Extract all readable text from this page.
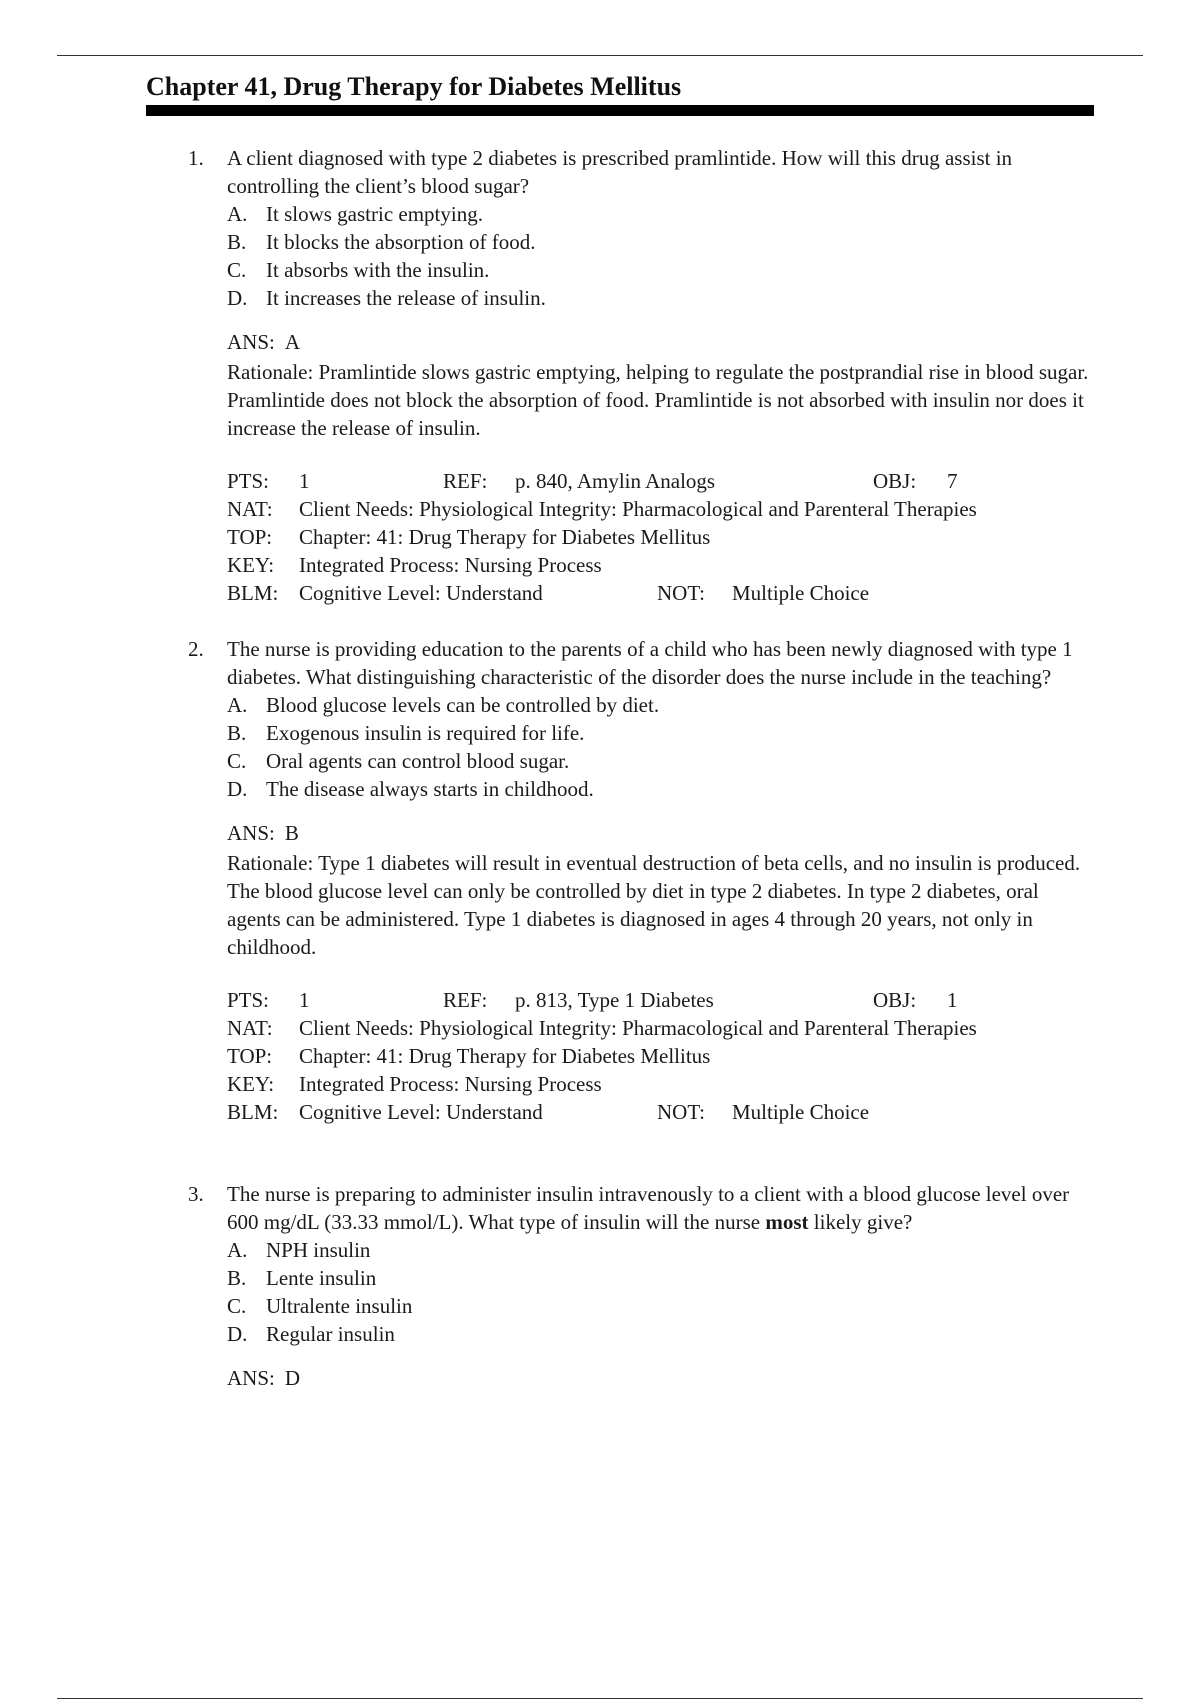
Chapter 41, Drug Therapy for Diabetes Mellitus
1. A client diagnosed with type 2 diabetes is prescribed pramlintide. How will this drug assist in controlling the client’s blood sugar?
A. It slows gastric emptying.
B. It blocks the absorption of food.
C. It absorbs with the insulin.
D. It increases the release of insulin.
ANS: A
Rationale: Pramlintide slows gastric emptying, helping to regulate the postprandial rise in blood sugar. Pramlintide does not block the absorption of food. Pramlintide is not absorbed with insulin nor does it increase the release of insulin.
PTS: 1	REF: p. 840, Amylin Analogs	OBJ: 7
NAT: Client Needs: Physiological Integrity: Pharmacological and Parenteral Therapies
TOP: Chapter: 41: Drug Therapy for Diabetes Mellitus
KEY: Integrated Process: Nursing Process
BLM: Cognitive Level: Understand	NOT: Multiple Choice
2. The nurse is providing education to the parents of a child who has been newly diagnosed with type 1 diabetes. What distinguishing characteristic of the disorder does the nurse include in the teaching?
A. Blood glucose levels can be controlled by diet.
B. Exogenous insulin is required for life.
C. Oral agents can control blood sugar.
D. The disease always starts in childhood.
ANS: B
Rationale: Type 1 diabetes will result in eventual destruction of beta cells, and no insulin is produced. The blood glucose level can only be controlled by diet in type 2 diabetes. In type 2 diabetes, oral agents can be administered. Type 1 diabetes is diagnosed in ages 4 through 20 years, not only in childhood.
PTS: 1	REF: p. 813, Type 1 Diabetes	OBJ: 1
NAT: Client Needs: Physiological Integrity: Pharmacological and Parenteral Therapies
TOP: Chapter: 41: Drug Therapy for Diabetes Mellitus
KEY: Integrated Process: Nursing Process
BLM: Cognitive Level: Understand	NOT: Multiple Choice
3. The nurse is preparing to administer insulin intravenously to a client with a blood glucose level over 600 mg/dL (33.33 mmol/L). What type of insulin will the nurse most likely give?
A. NPH insulin
B. Lente insulin
C. Ultralente insulin
D. Regular insulin
ANS: D
